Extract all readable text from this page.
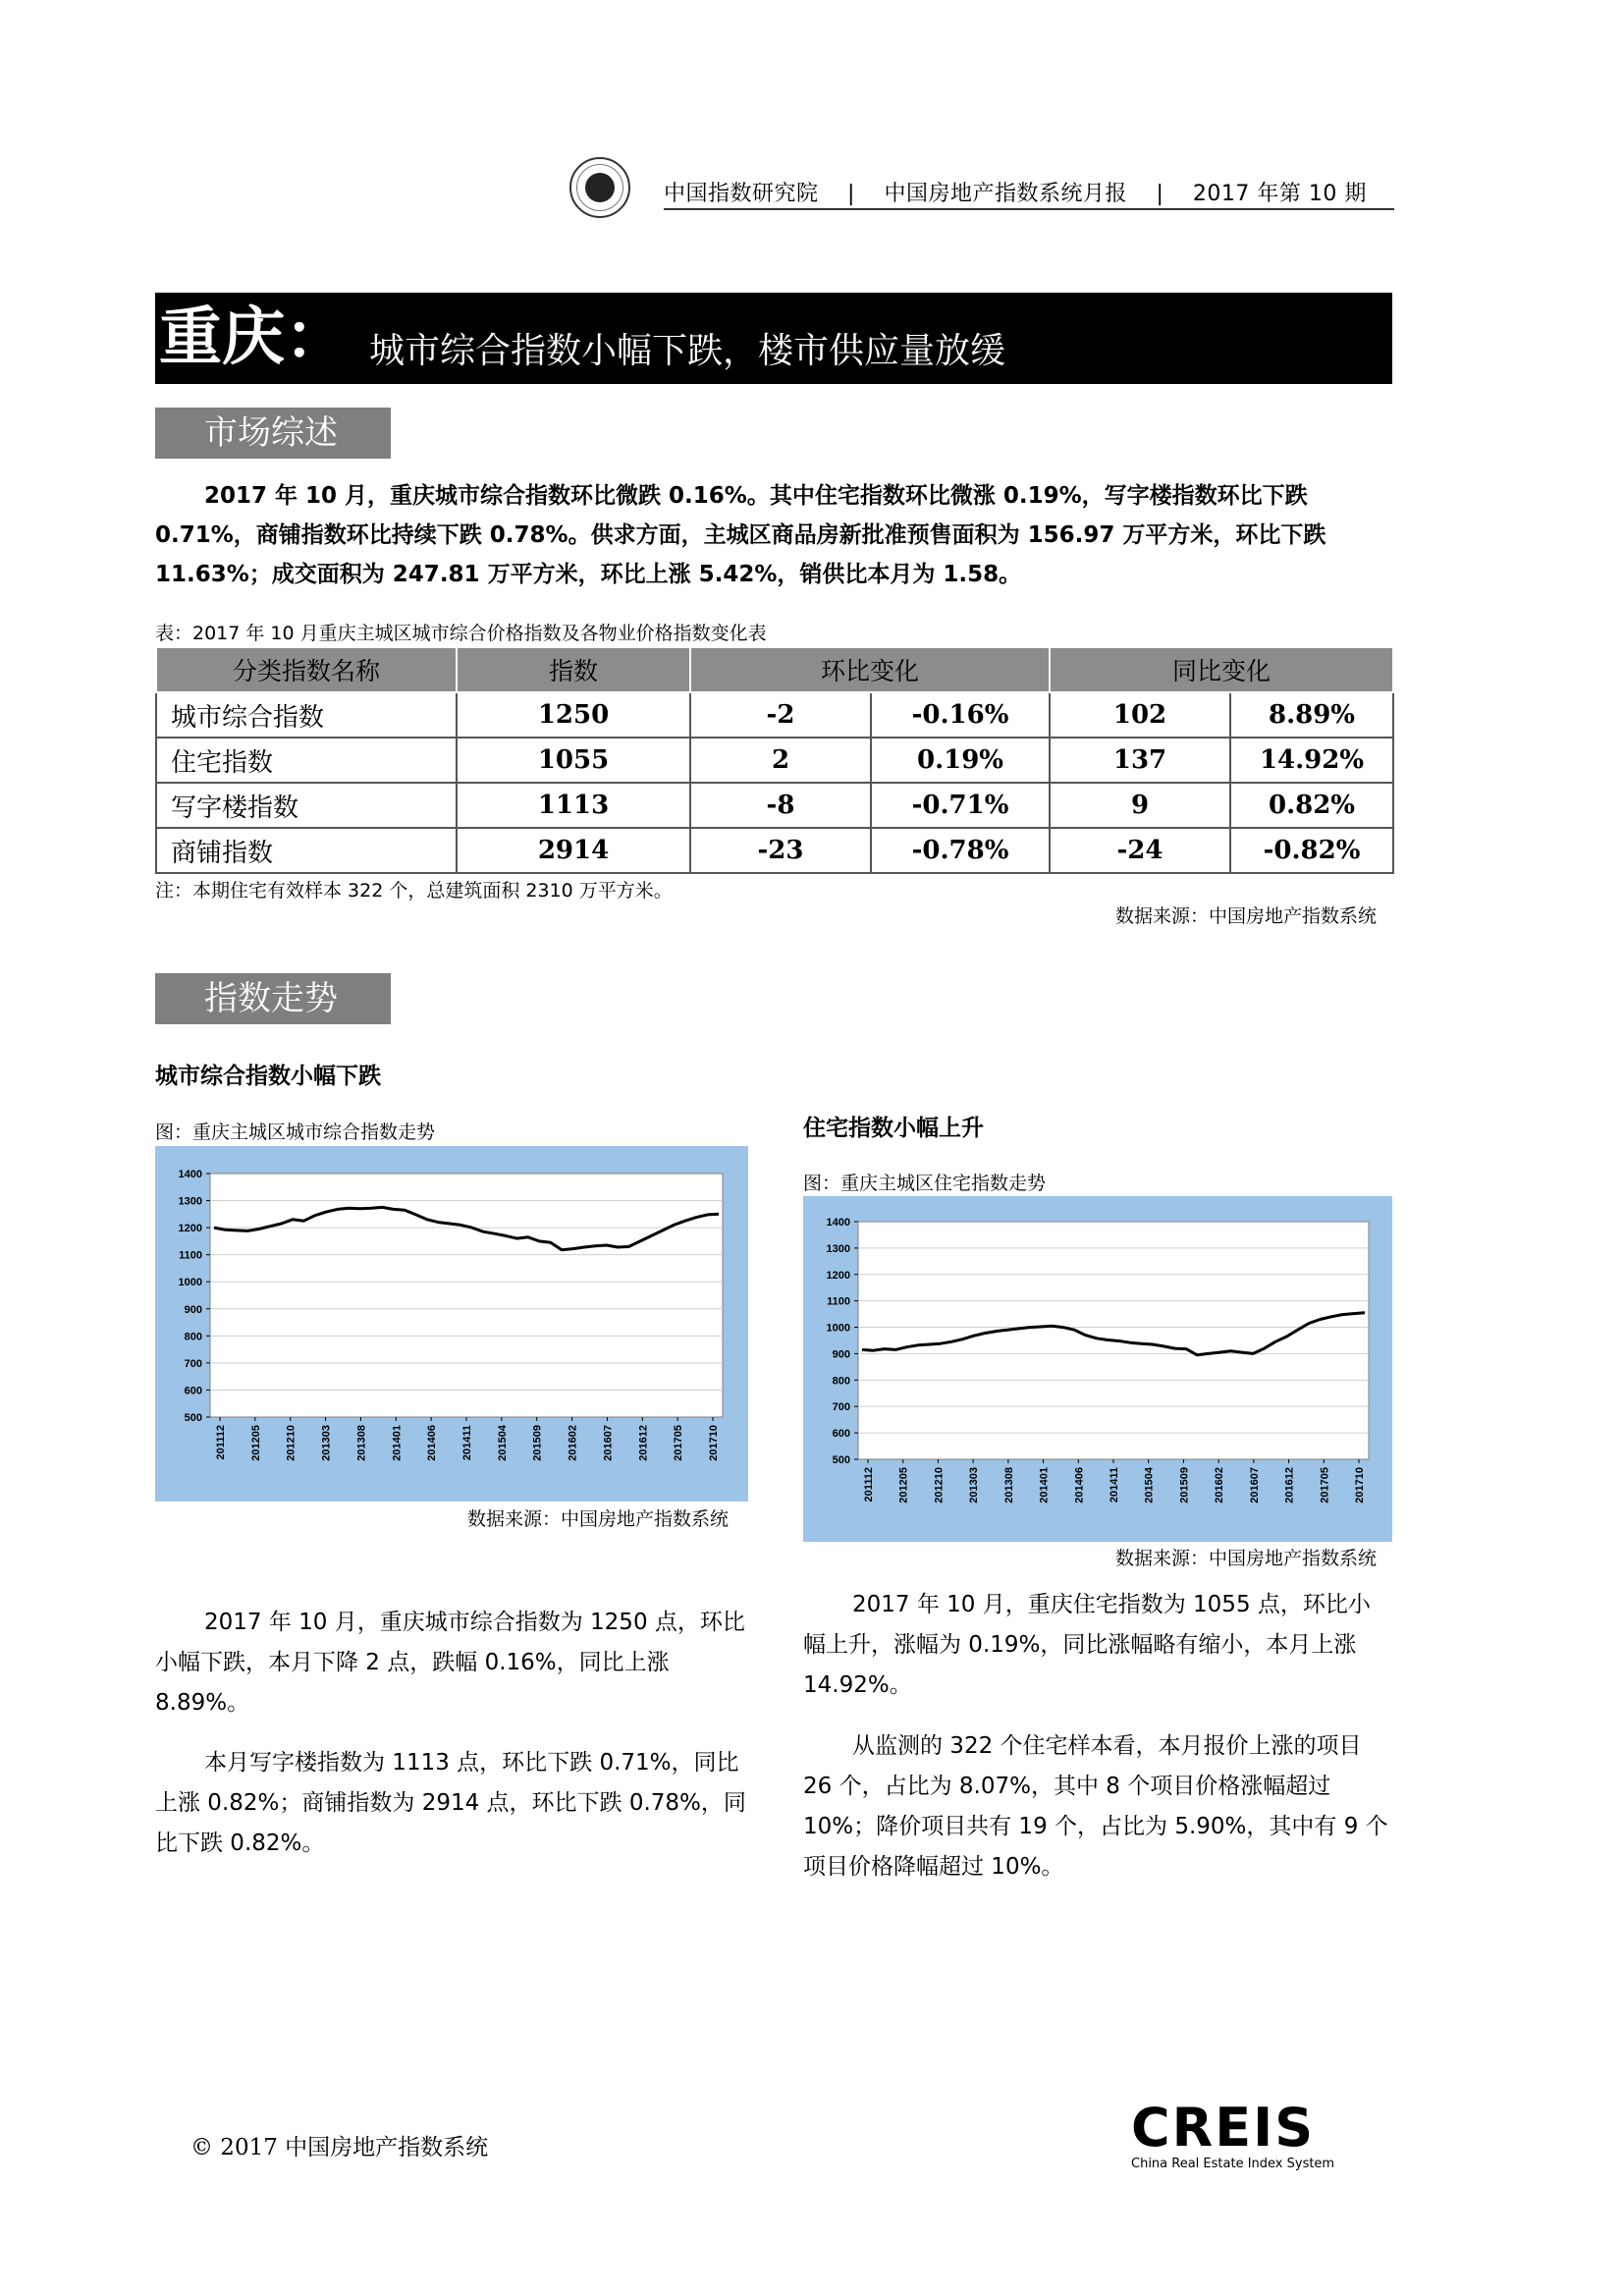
中国指数研究院 | 中国房地产指数系统月报 | 2017 年第 10 期
重庆： 城市综合指数小幅下跌，楼市供应量放缓
市场综述
2017 年 10 月，重庆城市综合指数环比微跌 0.16%。其中住宅指数环比微涨 0.19%，写字楼指数环比下跌 0.71%，商铺指数环比持续下跌 0.78%。供求方面，主城区商品房新批准预售面积为 156.97 万平方米，环比下跌 11.63%；成交面积为 247.81 万平方米，环比上涨 5.42%，销供比本月为 1.58。
表：2017 年 10 月重庆主城区城市综合价格指数及各物业价格指数变化表
分类指数名称	指数	环比变化		同比变化	
城市综合指数	1250	-2	-0.16%	102	8.89%
住宅指数	1055	2	0.19%	137	14.92%
写字楼指数	1113	-8	-0.71%	9	0.82%
商铺指数	2914	-23	-0.78%	-24	-0.82%
注：本期住宅有效样本 322 个，总建筑面积 2310 万平方米。
数据来源：中国房地产指数系统
指数走势
城市综合指数小幅下跌
图：重庆主城区城市综合指数走势
1400
1300
1200
1100
1000
900
800
700
600
500
201112 201205 201210 201303 201308 201401 201406 201411 201504 201509 201602 201607 201612 201705 201710
数据来源：中国房地产指数系统
住宅指数小幅上升
图：重庆主城区住宅指数走势
1400
1300
1200
1100
1000
900
800
700
600
500
201112 201205 201210 201303 201308 201401 201406 201411 201504 201509 201602 201607 201612 201705 201710
数据来源：中国房地产指数系统
2017 年 10 月，重庆城市综合指数为 1250 点，环比小幅下跌，本月下降 2 点，跌幅 0.16%，同比上涨 8.89%。
本月写字楼指数为 1113 点，环比下跌 0.71%，同比上涨 0.82%；商铺指数为 2914 点，环比下跌 0.78%，同比下跌 0.82%。
2017 年 10 月，重庆住宅指数为 1055 点，环比小幅上升，涨幅为 0.19%，同比涨幅略有缩小，本月上涨 14.92%。
从监测的 322 个住宅样本看，本月报价上涨的项目 26 个，占比为 8.07%，其中 8 个项目价格涨幅超过 10%；降价项目共有 19 个，占比为 5.90%，其中有 9 个项目价格降幅超过 10%。
© 2017 中国房地产指数系统	CREIS
China Real Estate Index System
